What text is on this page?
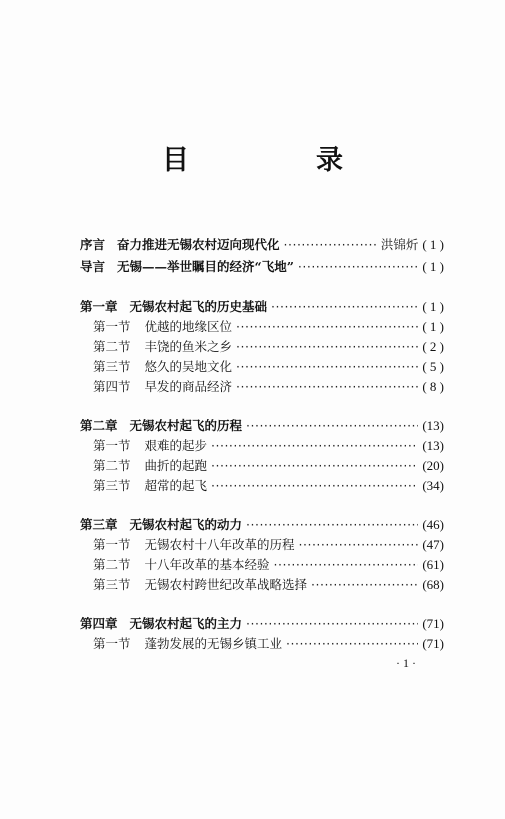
目　录
序言 奋力推进无锡农村迈向现代化 ·····	洪锦炘 ( 1 )
导言 无锡——举世瞩目的经济“飞地” ·····	( 1 )
第一章 无锡农村起飞的历史基础 ·····	( 1 )
第一节	优越的地缘区位 ·····	( 1 )
第二节	丰饶的鱼米之乡 ·····	( 2 )
第三节	悠久的吴地文化 ·····	( 5 )
第四节	早发的商品经济 ·····	( 8 )
第二章 无锡农村起飞的历程 ·····	(13)
第一节	艰难的起步 ·····	(13)
第二节	曲折的起跑 ·····	(20)
第三节	超常的起飞 ·····	(34)
第三章 无锡农村起飞的动力 ·····	(46)
第一节	无锡农村十八年改革的历程 ·····	(47)
第二节	十八年改革的基本经验 ·····	(61)
第三节	无锡农村跨世纪改革战略选择 ·····	(68)
第四章 无锡农村起飞的主力 ·····	(71)
第一节	蓬勃发展的无锡乡镇工业 ·····	(71)
· 1 ·
